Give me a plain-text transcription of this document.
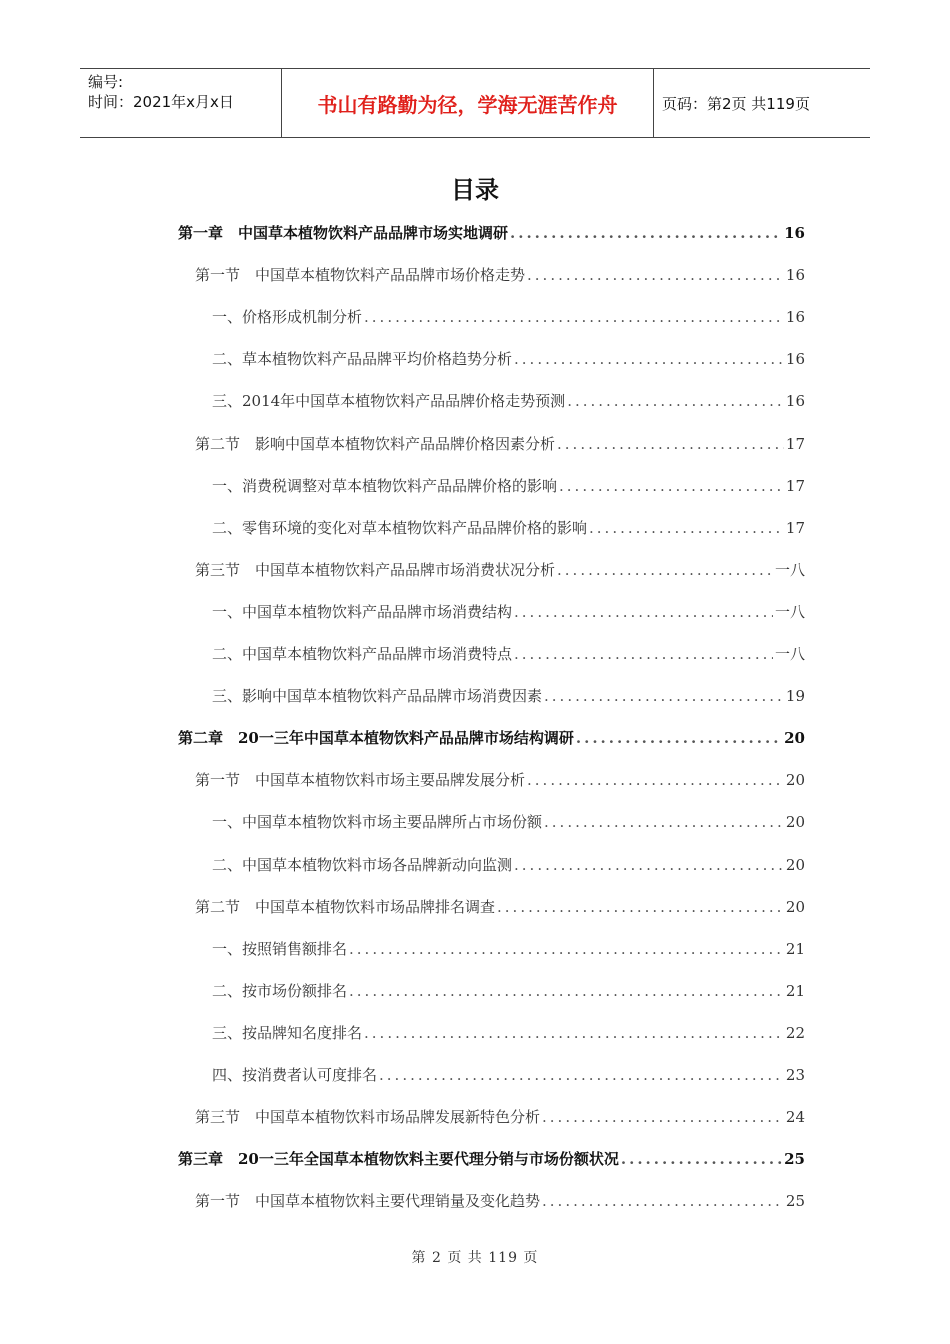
编号:
时间：2021年x月x日	书山有路勤为径，学海无涯苦作舟	页码：第2页 共119页
目录
第一章　中国草本植物饮料产品品牌市场实地调研 .....	16
第一节　中国草本植物饮料产品品牌市场价格走势 .....	16
一、价格形成机制分析 .....	16
二、草本植物饮料产品品牌平均价格趋势分析 .....	16
三、2014年中国草本植物饮料产品品牌价格走势预测 .....	16
第二节　影响中国草本植物饮料产品品牌价格因素分析 .....	17
一、消费税调整对草本植物饮料产品品牌价格的影响 .....	17
二、零售环境的变化对草本植物饮料产品品牌价格的影响 .....	17
第三节　中国草本植物饮料产品品牌市场消费状况分析 .....	一八
一、中国草本植物饮料产品品牌市场消费结构 .....	一八
二、中国草本植物饮料产品品牌市场消费特点 .....	一八
三、影响中国草本植物饮料产品品牌市场消费因素 .....	19
第二章　20一三年中国草本植物饮料产品品牌市场结构调研 .....	20
第一节　中国草本植物饮料市场主要品牌发展分析 .....	20
一、中国草本植物饮料市场主要品牌所占市场份额 .....	20
二、中国草本植物饮料市场各品牌新动向监测 .....	20
第二节　中国草本植物饮料市场品牌排名调查 .....	20
一、按照销售额排名 .....	21
二、按市场份额排名 .....	21
三、按品牌知名度排名 .....	22
四、按消费者认可度排名 .....	23
第三节　中国草本植物饮料市场品牌发展新特色分析 .....	24
第三章　20一三年全国草本植物饮料主要代理分销与市场份额状况 .....	25
第一节　中国草本植物饮料主要代理销量及变化趋势 .....	25
第 2 页 共 119 页
